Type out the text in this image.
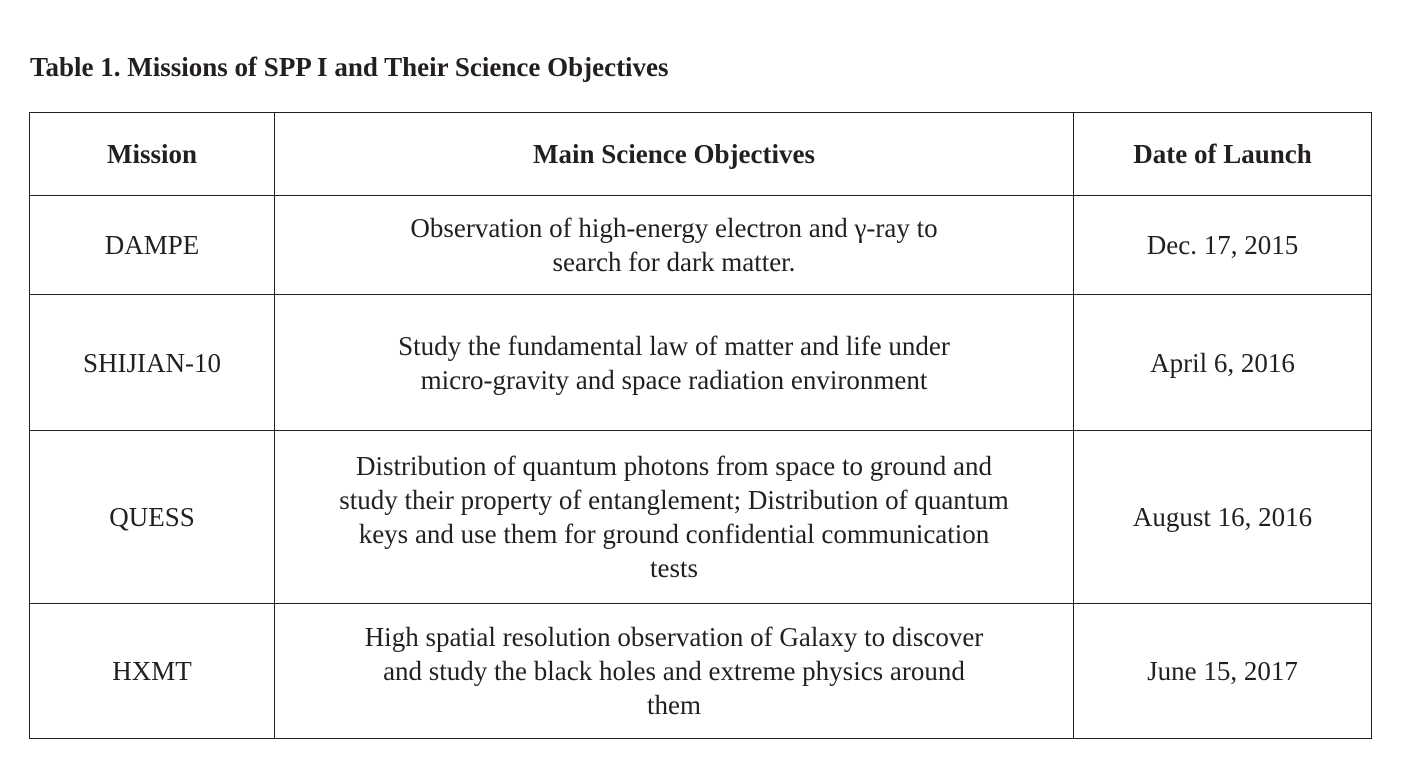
Table 1. Missions of SPP I and Their Science Objectives
Mission	Main Science Objectives	Date of Launch
DAMPE	Observation of high-energy electron and γ-ray to search for dark matter.	Dec. 17, 2015
SHIJIAN-10	Study the fundamental law of matter and life under micro-gravity and space radiation environment	April 6, 2016
QUESS	Distribution of quantum photons from space to ground and study their property of entanglement; Distribution of quantum keys and use them for ground confidential communication tests	August 16, 2016
HXMT	High spatial resolution observation of Galaxy to discover and study the black holes and extreme physics around them	June 15, 2017
